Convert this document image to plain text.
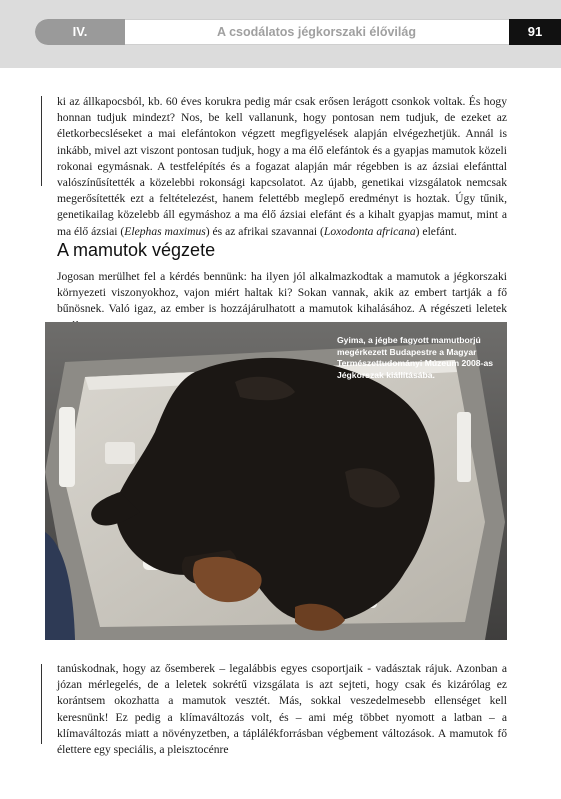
IV.	A csodálatos jégkorszaki élővilág	91

ki az állkapocsból, kb. 60 éves korukra pedig már csak erősen lerágott csonkok voltak. És hogy honnan tudjuk mindezt? Nos, be kell vallanunk, hogy pontosan nem tudjuk, de ezeket az életkorbecsléseket a mai elefántokon végzett megfigyelések alapján elvégezhetjük. Annál is inkább, mivel azt viszont pontosan tudjuk, hogy a ma élő elefántok és a gyapjas mamutok közeli rokonai egymásnak. A testfelépítés és a fogazat alapján már régebben is az ázsiai elefánttal valószínűsítették a közelebbi rokonsági kapcsolatot. Az újabb, genetikai vizsgálatok nemcsak megerősítették ezt a feltételezést, hanem felettébb meglepő eredményt is hoztak. Úgy tűnik, genetikailag közelebb áll egymáshoz a ma élő ázsiai elefánt és a kihalt gyapjas mamut, mint a ma élő ázsiai (Elephas maximus) és az afrikai szavannai (Loxodonta africana) elefánt.

A mamutok végzete

Jogosan merülhet fel a kérdés bennünk: ha ilyen jól alkalmazkodtak a mamutok a jégkorszaki környezeti viszonyokhoz, vajon miért haltak ki? Sokan vannak, akik az embert tartják a fő bűnösnek. Való igaz, az ember is hozzájárulhatott a mamutok kihalásához. A régészeti leletek

Gyima, a jégbe fagyott mamutborjú megérkezett Budapestre a Magyar Természettudományi Múzeum 2008-as Jégkorszak kiállításába.

tanúskodnak, hogy az ősemberek – legalábbis egyes csoportjaik - vadásztak rájuk. Azonban a józan mérlegelés, de a leletek sokrétű vizsgálata is azt sejteti, hogy csak és kizárólag ez korántsem okozhatta a mamutok vesztét. Más, sokkal veszedelmesebb ellenséget kell keresnünk! Ez pedig a klímaváltozás volt, és – ami még többet nyomott a latban – a klímaváltozás miatt a növényzetben, a táplálékforrásban végbement változások. A mamutok fő élettere egy speciális, a pleisztocénre
